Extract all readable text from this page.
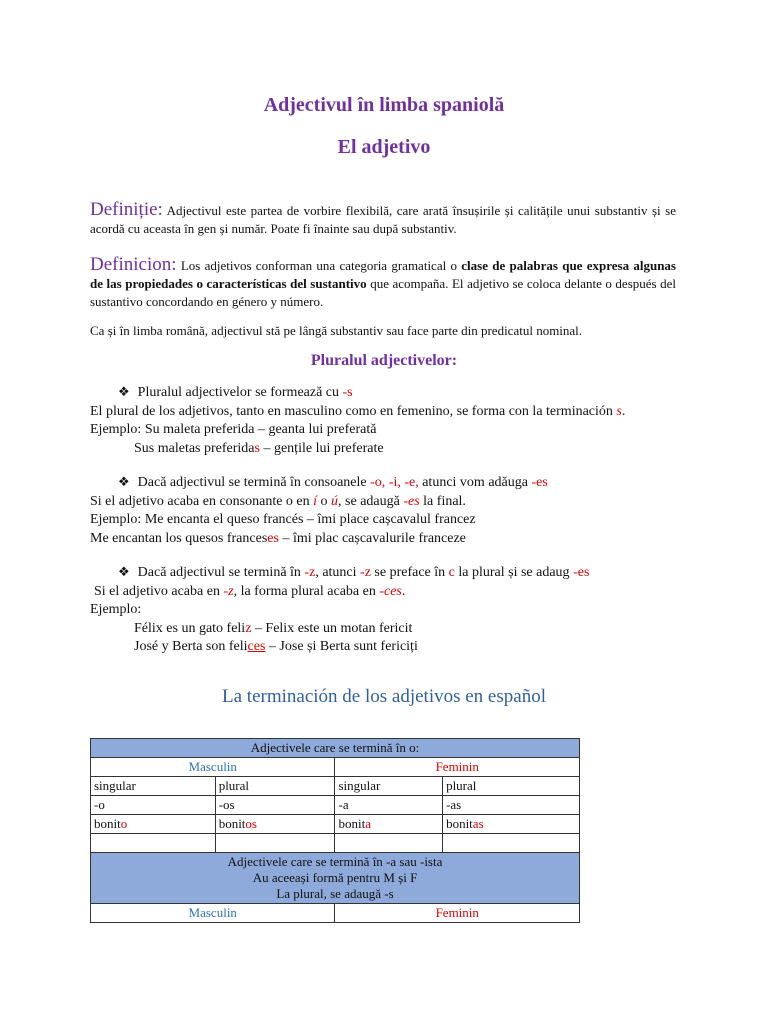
Adjectivul în limba spaniolă
El adjetivo
Definiție: Adjectivul este partea de vorbire flexibilă, care arată însușirile și calitățile unui substantiv și se acordă cu aceasta în gen și număr. Poate fi înainte sau după substantiv.
Definicion: Los adjetivos conforman una categoria gramatical o clase de palabras que expresa algunas de las propiedades o características del sustantivo que acompaña. El adjetivo se coloca delante o después del sustantivo concordando en género y número.
Ca și în limba română, adjectivul stă pe lângă substantiv sau face parte din predicatul nominal.
Pluralul adjectivelor:
❖ Pluralul adjectivelor se formează cu -s
El plural de los adjetivos, tanto en masculino como en femenino, se forma con la terminación s.
Ejemplo: Su maleta preferida – geanta lui preferată
Sus maletas preferidas – gențile lui preferate
❖ Dacă adjectivul se termină în consoanele -o, -i, -e, atunci vom adăuga -es
Si el adjetivo acaba en consonante o en í o ú, se adaugă -es la final.
Ejemplo: Me encanta el queso francés – îmi place cașcavalul francez
Me encantan los quesos franceses – îmi plac cașcavalurile franceze
❖ Dacă adjectivul se termină în -z, atunci -z se preface în c la plural și se adaug -es
Si el adjetivo acaba en -z, la forma plural acaba en -ces.
Ejemplo:
Félix es un gato feliz – Felix este un motan fericit
José y Berta son felices – Jose și Berta sunt fericiți
La terminación de los adjetivos en español
Adjectivele care se termină în o:			
Masculin		Feminin	
singular	plural	singular	plural
-o	-os	-a	-as
bonito	bonitos	bonita	bonitas

Adjectivele care se termină în -a sau -ista
Au aceeași formă pentru M și F
La plural, se adaugă -s			

Masculin		Feminin	
